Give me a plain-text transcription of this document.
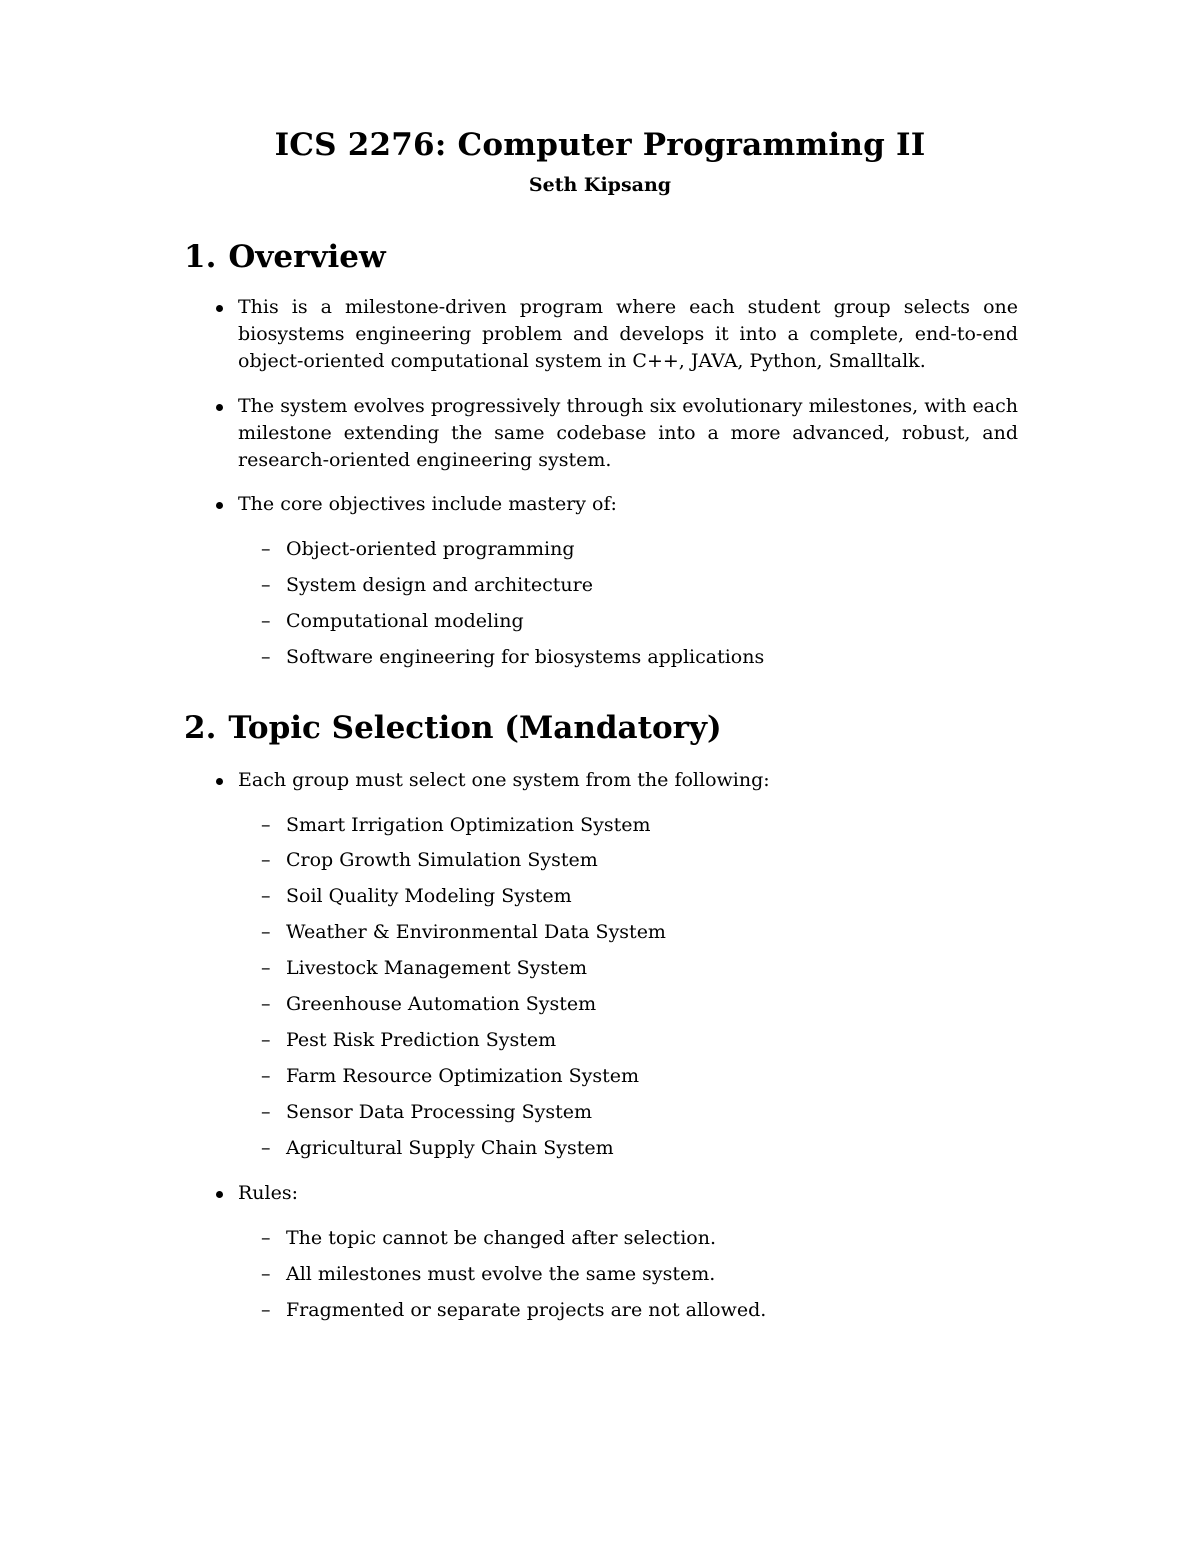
ICS 2276: Computer Programming II
Seth Kipsang
1. Overview
This is a milestone-driven program where each student group selects one biosystems engineering problem and develops it into a complete, end-to-end object-oriented computational system in C++, JAVA, Python, Smalltalk.
The system evolves progressively through six evolutionary milestones, with each milestone extending the same codebase into a more advanced, robust, and research-oriented engineering system.
The core objectives include mastery of:
– Object-oriented programming
– System design and architecture
– Computational modeling
– Software engineering for biosystems applications
2. Topic Selection (Mandatory)
Each group must select one system from the following:
– Smart Irrigation Optimization System
– Crop Growth Simulation System
– Soil Quality Modeling System
– Weather & Environmental Data System
– Livestock Management System
– Greenhouse Automation System
– Pest Risk Prediction System
– Farm Resource Optimization System
– Sensor Data Processing System
– Agricultural Supply Chain System
Rules:
– The topic cannot be changed after selection.
– All milestones must evolve the same system.
– Fragmented or separate projects are not allowed.
